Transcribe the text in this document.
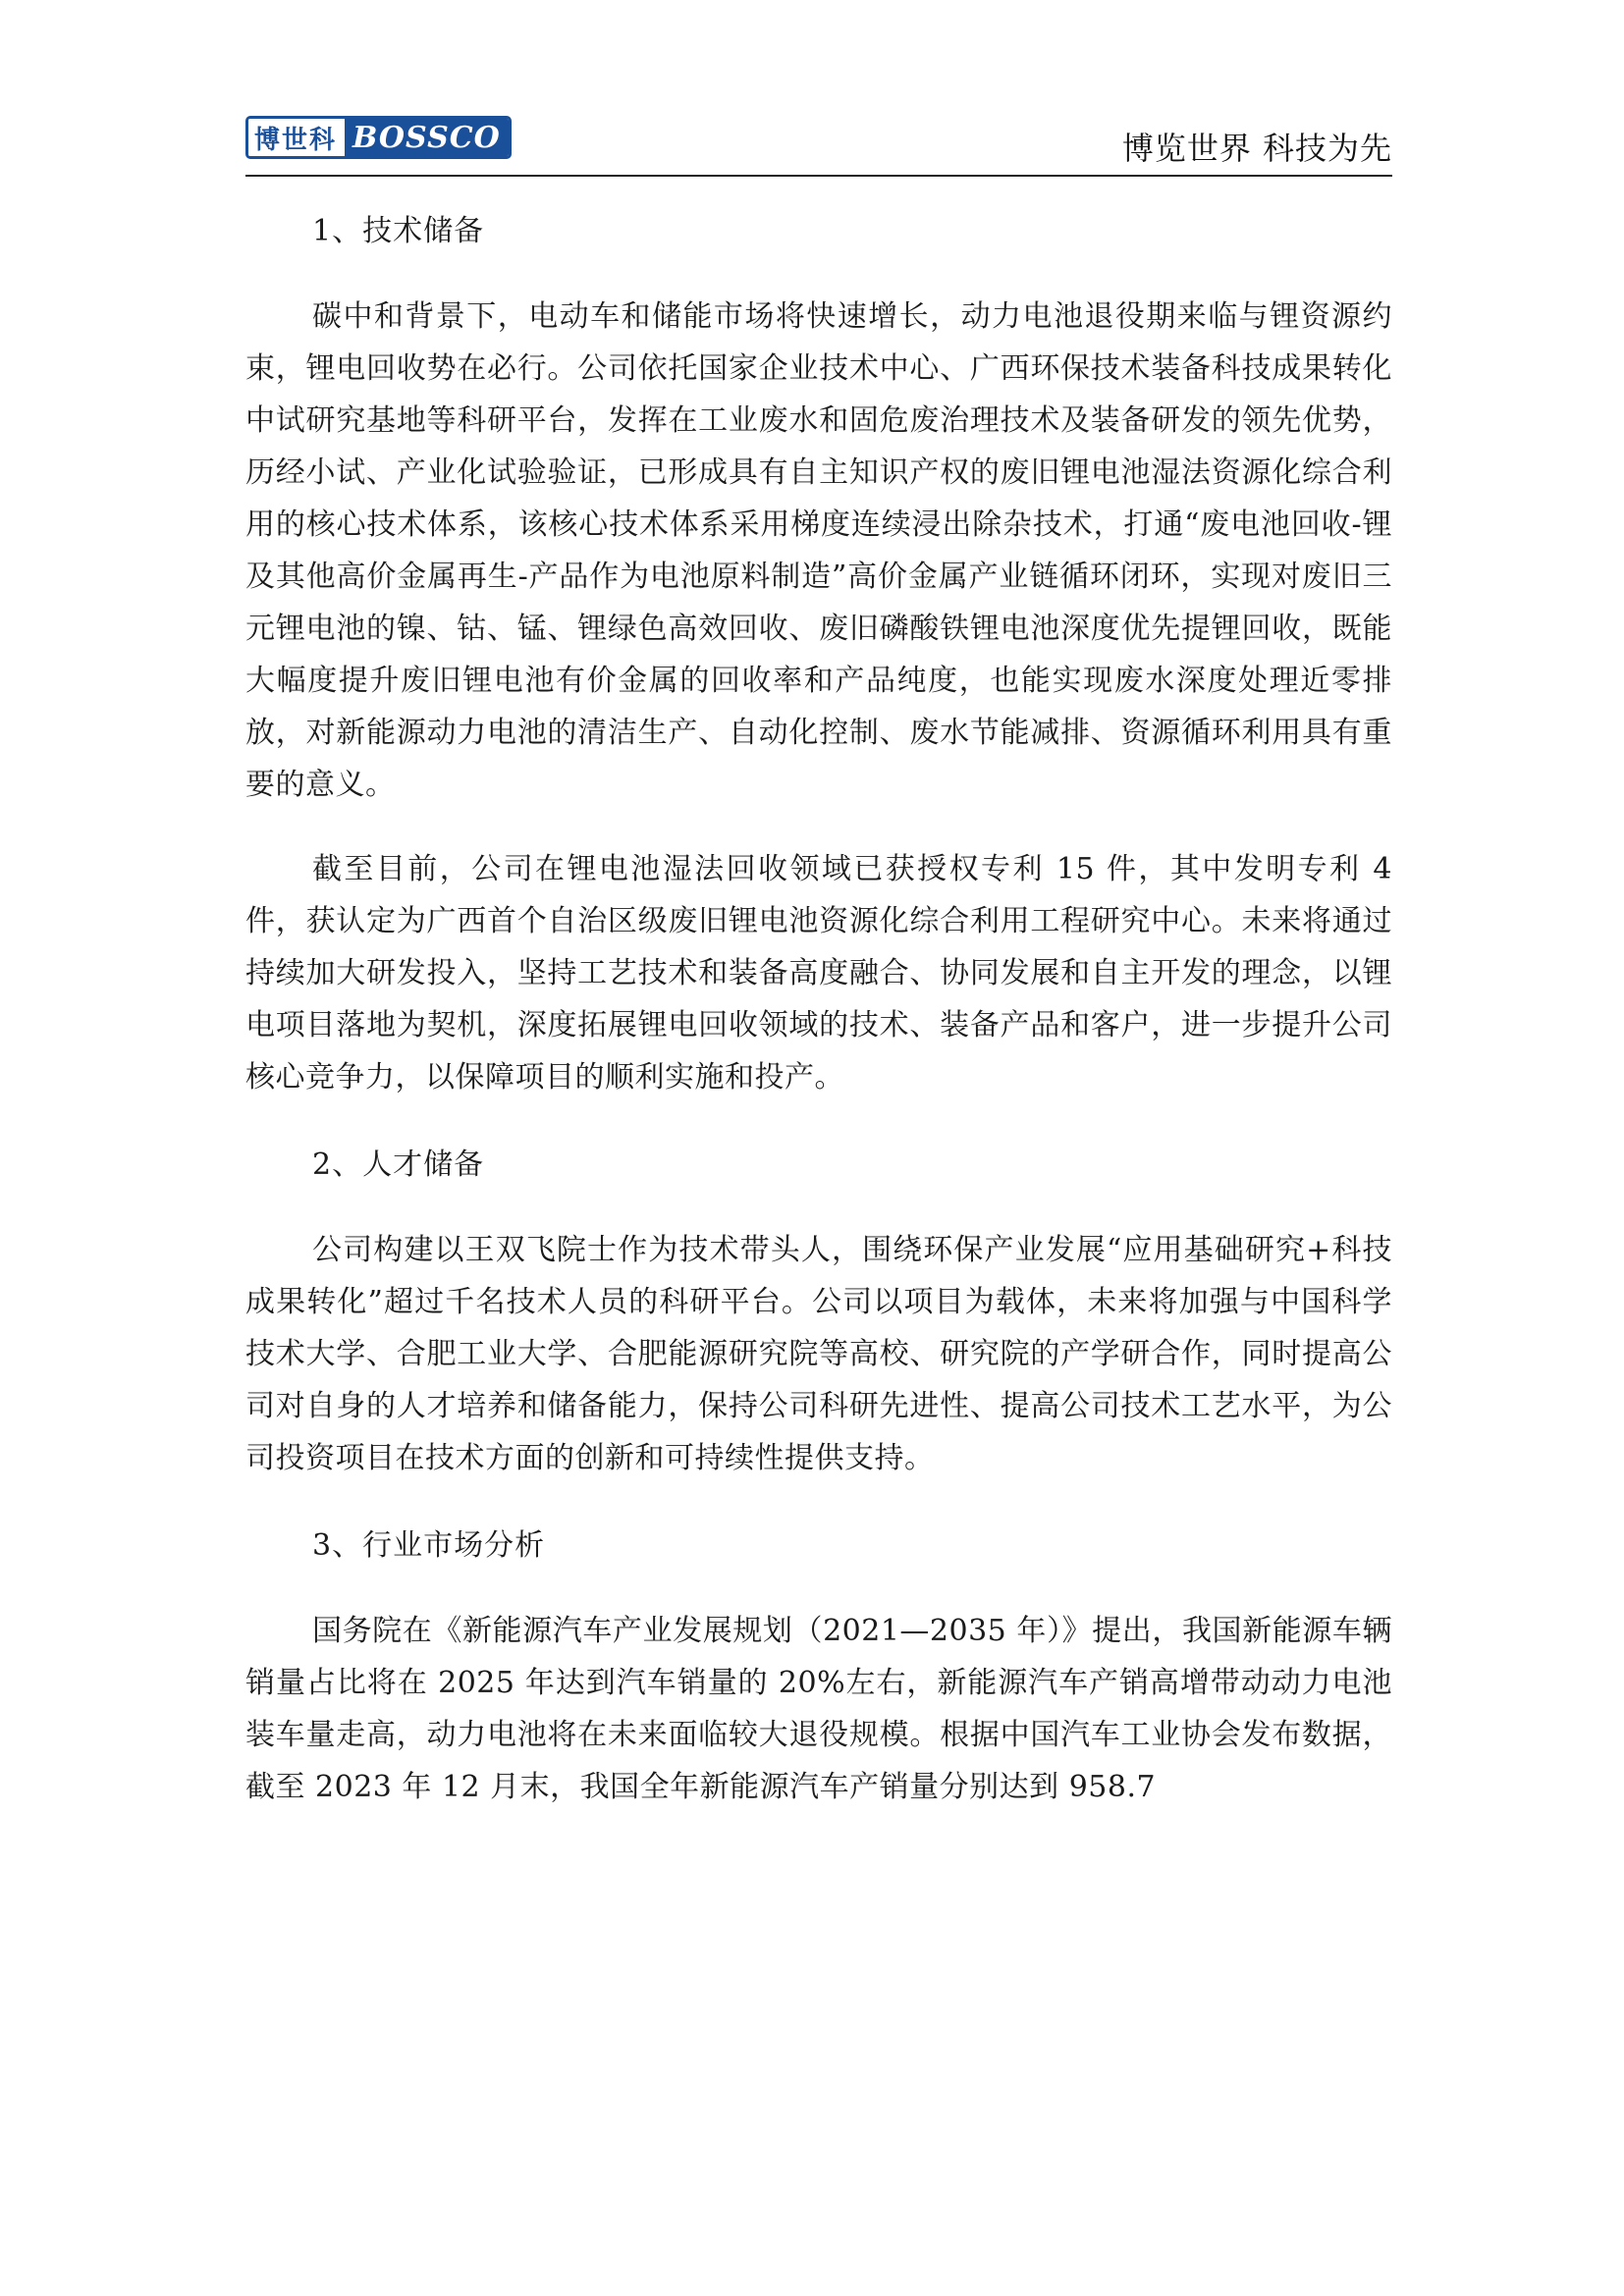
博世科 BOSSCO	博览世界 科技为先
1、技术储备

碳中和背景下，电动车和储能市场将快速增长，动力电池退役期来临与锂资源约束，锂电回收势在必行。公司依托国家企业技术中心、广西环保技术装备科技成果转化中试研究基地等科研平台，发挥在工业废水和固危废治理技术及装备研发的领先优势，历经小试、产业化试验验证，已形成具有自主知识产权的废旧锂电池湿法资源化综合利用的核心技术体系，该核心技术体系采用梯度连续浸出除杂技术，打通“废电池回收-锂及其他高价金属再生-产品作为电池原料制造”高价金属产业链循环闭环，实现对废旧三元锂电池的镍、钴、锰、锂绿色高效回收、废旧磷酸铁锂电池深度优先提锂回收，既能大幅度提升废旧锂电池有价金属的回收率和产品纯度，也能实现废水深度处理近零排放，对新能源动力电池的清洁生产、自动化控制、废水节能减排、资源循环利用具有重要的意义。

截至目前，公司在锂电池湿法回收领域已获授权专利 15 件，其中发明专利 4 件，获认定为广西首个自治区级废旧锂电池资源化综合利用工程研究中心。未来将通过持续加大研发投入，坚持工艺技术和装备高度融合、协同发展和自主开发的理念，以锂电项目落地为契机，深度拓展锂电回收领域的技术、装备产品和客户，进一步提升公司核心竞争力，以保障项目的顺利实施和投产。

2、人才储备

公司构建以王双飞院士作为技术带头人，围绕环保产业发展“应用基础研究+科技成果转化”超过千名技术人员的科研平台。公司以项目为载体，未来将加强与中国科学技术大学、合肥工业大学、合肥能源研究院等高校、研究院的产学研合作，同时提高公司对自身的人才培养和储备能力，保持公司科研先进性、提高公司技术工艺水平，为公司投资项目在技术方面的创新和可持续性提供支持。

3、行业市场分析

国务院在《新能源汽车产业发展规划（2021—2035 年）》提出，我国新能源车辆销量占比将在 2025 年达到汽车销量的 20%左右，新能源汽车产销高增带动动力电池装车量走高，动力电池将在未来面临较大退役规模。根据中国汽车工业协会发布数据，截至 2023 年 12 月末，我国全年新能源汽车产销量分别达到 958.7
